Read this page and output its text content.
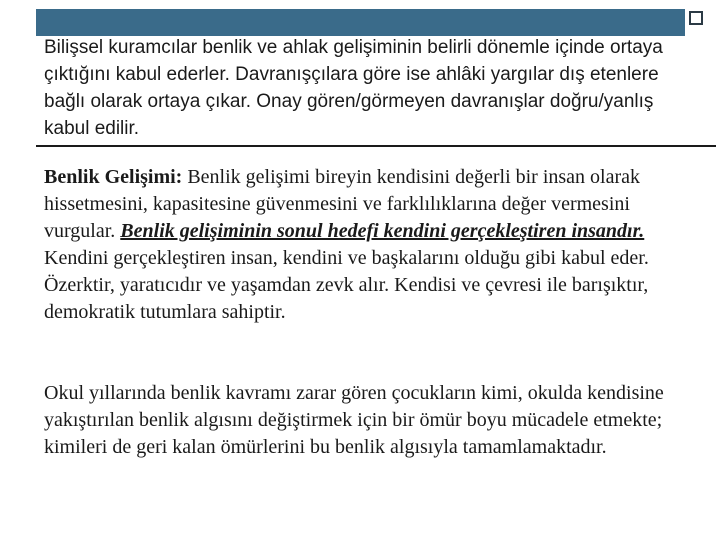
Bilişsel kuramcılar benlik ve ahlak gelişiminin belirli dönemle içinde ortaya çıktığını kabul ederler. Davranışçılara göre ise ahlâki yargılar dış etenlere bağlı olarak ortaya çıkar. Onay gören/görmeyen davranışlar doğru/yanlış kabul edilir.

Benlik Gelişimi: Benlik gelişimi bireyin kendisini değerli bir insan olarak hissetmesini, kapasitesine güvenmesini ve farklılıklarına değer vermesini vurgular. Benlik gelişiminin sonul hedefi kendini gerçekleştiren insandır. Kendini gerçekleştiren insan, kendini ve başkalarını olduğu gibi kabul eder. Özerktir, yaratıcıdır ve yaşamdan zevk alır. Kendisi ve çevresi ile barışıktır, demokratik tutumlara sahiptir.

Okul yıllarında benlik kavramı zarar gören çocukların kimi, okulda kendisine yakıştırılan benlik algısını değiştirmek için bir ömür boyu mücadele etmekte; kimileri de geri kalan ömürlerini bu benlik algısıyla tamamlamaktadır.
